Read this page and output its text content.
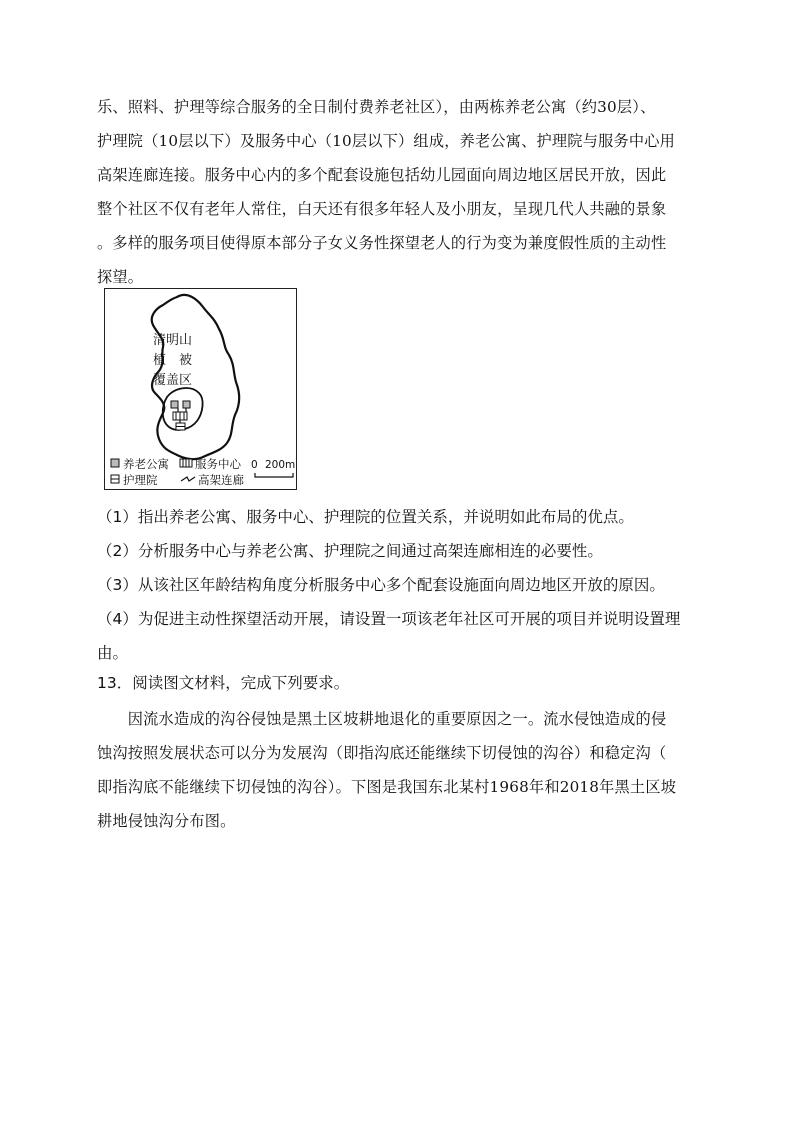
乐、照料、护理等综合服务的全日制付费养老社区），由两栋养老公寓（约30层）、
护理院（10层以下）及服务中心（10层以下）组成，养老公寓、护理院与服务中心用
高架连廊连接。服务中心内的多个配套设施包括幼儿园面向周边地区居民开放，因此
整个社区不仅有老年人常住，白天还有很多年轻人及小朋友，呈现几代人共融的景象
。多样的服务项目使得原本部分子女义务性探望老人的行为变为兼度假性质的主动性
探望。
清明山
植　被
覆盖区
养老公寓 服务中心
护理院	高架连廊
0 200m
（1）指出养老公寓、服务中心、护理院的位置关系，并说明如此布局的优点。
（2）分析服务中心与养老公寓、护理院之间通过高架连廊相连的必要性。
（3）从该社区年龄结构角度分析服务中心多个配套设施面向周边地区开放的原因。
（4）为促进主动性探望活动开展，请设置一项该老年社区可开展的项目并说明设置理
由。
13．阅读图文材料，完成下列要求。
　　因流水造成的沟谷侵蚀是黑土区坡耕地退化的重要原因之一。流水侵蚀造成的侵
蚀沟按照发展状态可以分为发展沟（即指沟底还能继续下切侵蚀的沟谷）和稳定沟（
即指沟底不能继续下切侵蚀的沟谷）。下图是我国东北某村1968年和2018年黑土区坡
耕地侵蚀沟分布图。
